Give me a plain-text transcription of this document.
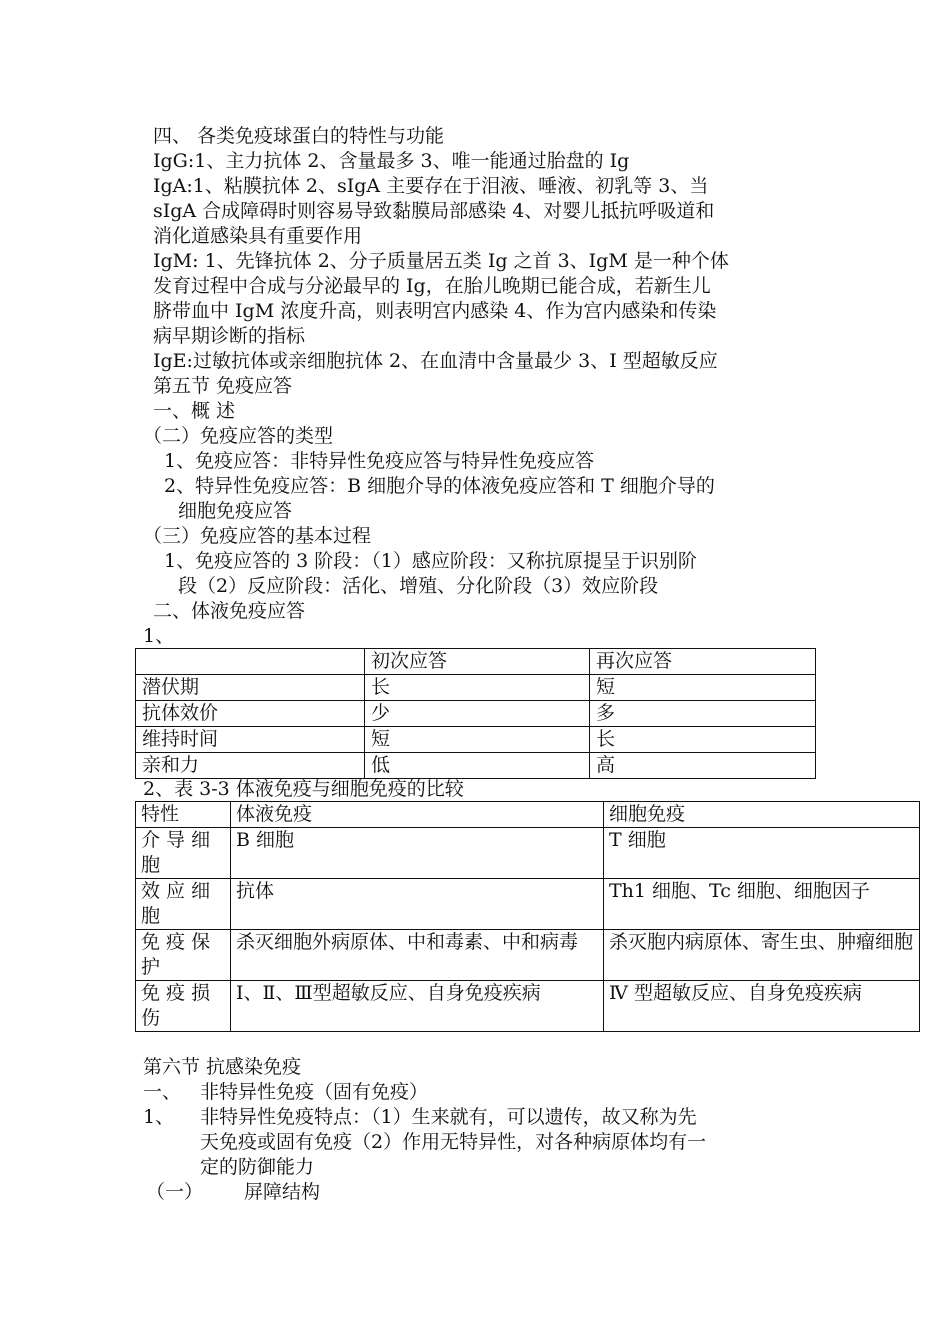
四、 各类免疫球蛋白的特性与功能
IgG:1、主力抗体 2、含量最多 3、唯一能通过胎盘的 Ig
IgA:1、粘膜抗体 2、sIgA 主要存在于泪液、唾液、初乳等 3、当
sIgA 合成障碍时则容易导致黏膜局部感染 4、对婴儿抵抗呼吸道和
消化道感染具有重要作用
IgM: 1、先锋抗体 2、分子质量居五类 Ig 之首 3、IgM 是一种个体
发育过程中合成与分泌最早的 Ig，在胎儿晚期已能合成，若新生儿
脐带血中 IgM 浓度升高，则表明宫内感染 4、作为宫内感染和传染
病早期诊断的指标
IgE:过敏抗体或亲细胞抗体 2、在血清中含量最少 3、I 型超敏反应
第五节 免疫应答
一、概 述
（二）免疫应答的类型
1、免疫应答：非特异性免疫应答与特异性免疫应答
2、特异性免疫应答：B 细胞介导的体液免疫应答和 T 细胞介导的
细胞免疫应答
（三）免疫应答的基本过程
1、免疫应答的 3 阶段：（1）感应阶段：又称抗原提呈于识别阶
段（2）反应阶段：活化、增殖、分化阶段（3）效应阶段
二、体液免疫应答
1、
	初次应答	再次应答
潜伏期	长	短
抗体效价	少	多
维持时间	短	长
亲和力	低	高
2、表 3-3 体液免疫与细胞免疫的比较
特性	体液免疫	细胞免疫

介 导 细 胞	B 细胞	T 细胞

效 应 细 胞	抗体	Th1 细胞、Tc 细胞、细胞因子

免 疫 保 护	杀灭细胞外病原体、中和毒素、中和病毒	杀灭胞内病原体、寄生虫、肿瘤细胞

免 疫 损 伤	Ⅰ、Ⅱ、Ⅲ型超敏反应、自身免疫疾病	Ⅳ 型超敏反应、自身免疫疾病
第六节 抗感染免疫
一、 非特异性免疫（固有免疫）
1、 非特异性免疫特点：（1）生来就有，可以遗传，故又称为先
天免疫或固有免疫（2）作用无特异性，对各种病原体均有一
定的防御能力
（一） 屏障结构
